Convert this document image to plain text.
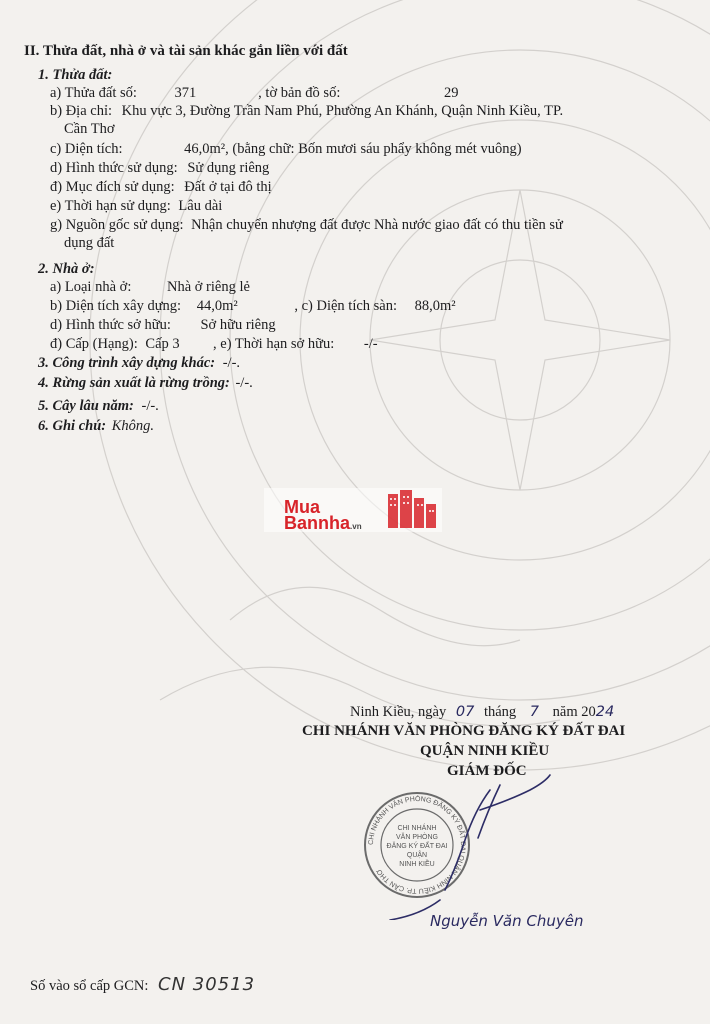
II. Thửa đất, nhà ở và tài sản khác gắn liền với đất
1. Thửa đất:
a) Thửa đất số:	371	, tờ bản đồ số:	29
b) Địa chỉ: Khu vực 3, Đường Trần Nam Phú, Phường An Khánh, Quận Ninh Kiều, TP.
Cần Thơ
c) Diện tích:	46,0m², (bằng chữ: Bốn mươi sáu phẩy không mét vuông)
d) Hình thức sử dụng: Sử dụng riêng
đ) Mục đích sử dụng: Đất ở tại đô thị
e) Thời hạn sử dụng: Lâu dài
g) Nguồn gốc sử dụng: Nhận chuyển nhượng đất được Nhà nước giao đất có thu tiền sử
dụng đất
2. Nhà ở:
a) Loại nhà ở: Nhà ở riêng lẻ
b) Diện tích xây dựng: 44,0m²	, c) Diện tích sàn: 88,0m²
d) Hình thức sở hữu: Sở hữu riêng
đ) Cấp (Hạng): Cấp 3 , e) Thời hạn sở hữu: -/-
3. Công trình xây dựng khác: -/-.
4. Rừng sản xuất là rừng trồng: -/-.
5. Cây lâu năm: -/-.
6. Ghi chú: Không.
Mua
Bannha.vn
Ninh Kiều, ngày 07 tháng 7 năm 2024
CHI NHÁNH VĂN PHÒNG ĐĂNG KÝ ĐẤT ĐAI
QUẬN NINH KIỀU
GIÁM ĐỐC
CHI NHÁNH VĂN PHÒNG ĐĂNG KÝ ĐẤT ĐAI QUẬN NINH KIỀU TP. CẦN THƠ
CHI NHÁNH
VĂN PHÒNG
ĐĂNG KÝ ĐẤT ĐAI
QUẬN
NINH KIỀU
Nguyễn Văn Chuyên
Số vào sổ cấp GCN: CN 30513
